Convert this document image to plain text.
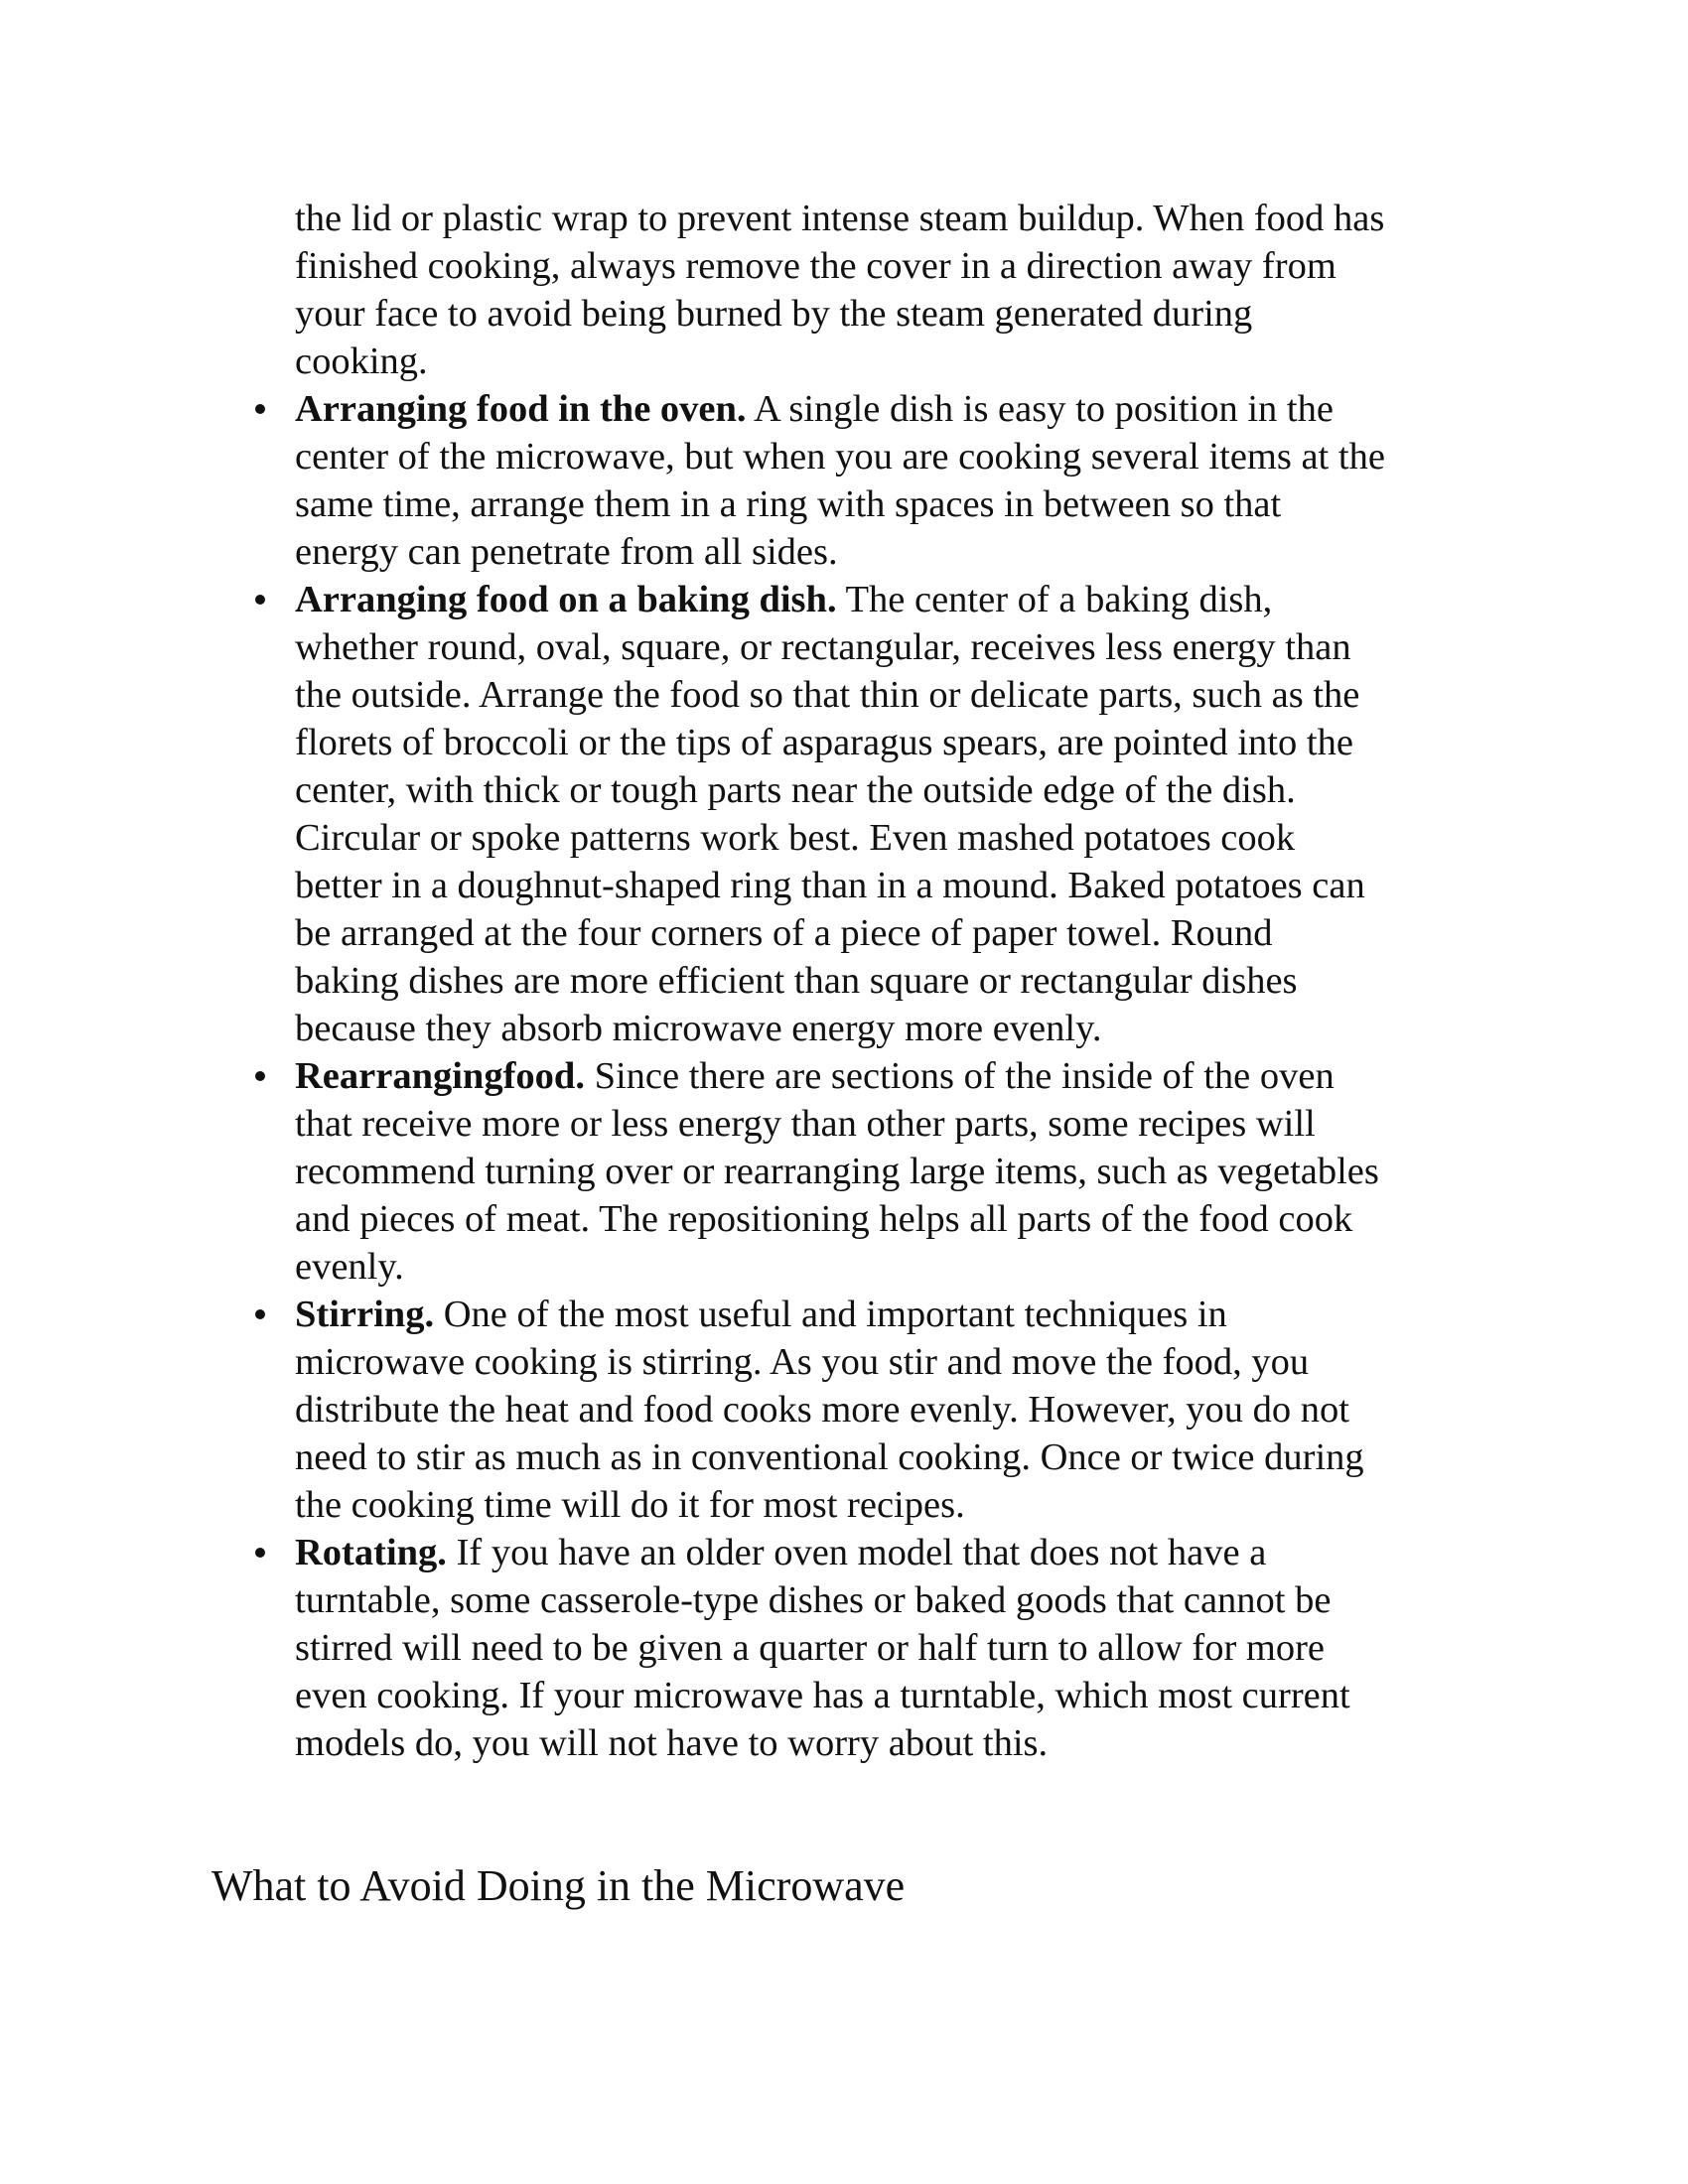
the lid or plastic wrap to prevent intense steam buildup. When food has
finished cooking, always remove the cover in a direction away from
your face to avoid being burned by the steam generated during
cooking.

Arranging food in the oven. A single dish is easy to position in the
center of the microwave, but when you are cooking several items at the
same time, arrange them in a ring with spaces in between so that
energy can penetrate from all sides.
Arranging food on a baking dish. The center of a baking dish,
whether round, oval, square, or rectangular, receives less energy than
the outside. Arrange the food so that thin or delicate parts, such as the
florets of broccoli or the tips of asparagus spears, are pointed into the
center, with thick or tough parts near the outside edge of the dish.
Circular or spoke patterns work best. Even mashed potatoes cook
better in a doughnut-shaped ring than in a mound. Baked potatoes can
be arranged at the four corners of a piece of paper towel. Round
baking dishes are more efficient than square or rectangular dishes
because they absorb microwave energy more evenly.
Rearrangingfood. Since there are sections of the inside of the oven
that receive more or less energy than other parts, some recipes will
recommend turning over or rearranging large items, such as vegetables
and pieces of meat. The repositioning helps all parts of the food cook
evenly.
Stirring. One of the most useful and important techniques in
microwave cooking is stirring. As you stir and move the food, you
distribute the heat and food cooks more evenly. However, you do not
need to stir as much as in conventional cooking. Once or twice during
the cooking time will do it for most recipes.
Rotating. If you have an older oven model that does not have a
turntable, some casserole-type dishes or baked goods that cannot be
stirred will need to be given a quarter or half turn to allow for more
even cooking. If your microwave has a turntable, which most current
models do, you will not have to worry about this.
What to Avoid Doing in the Microwave
